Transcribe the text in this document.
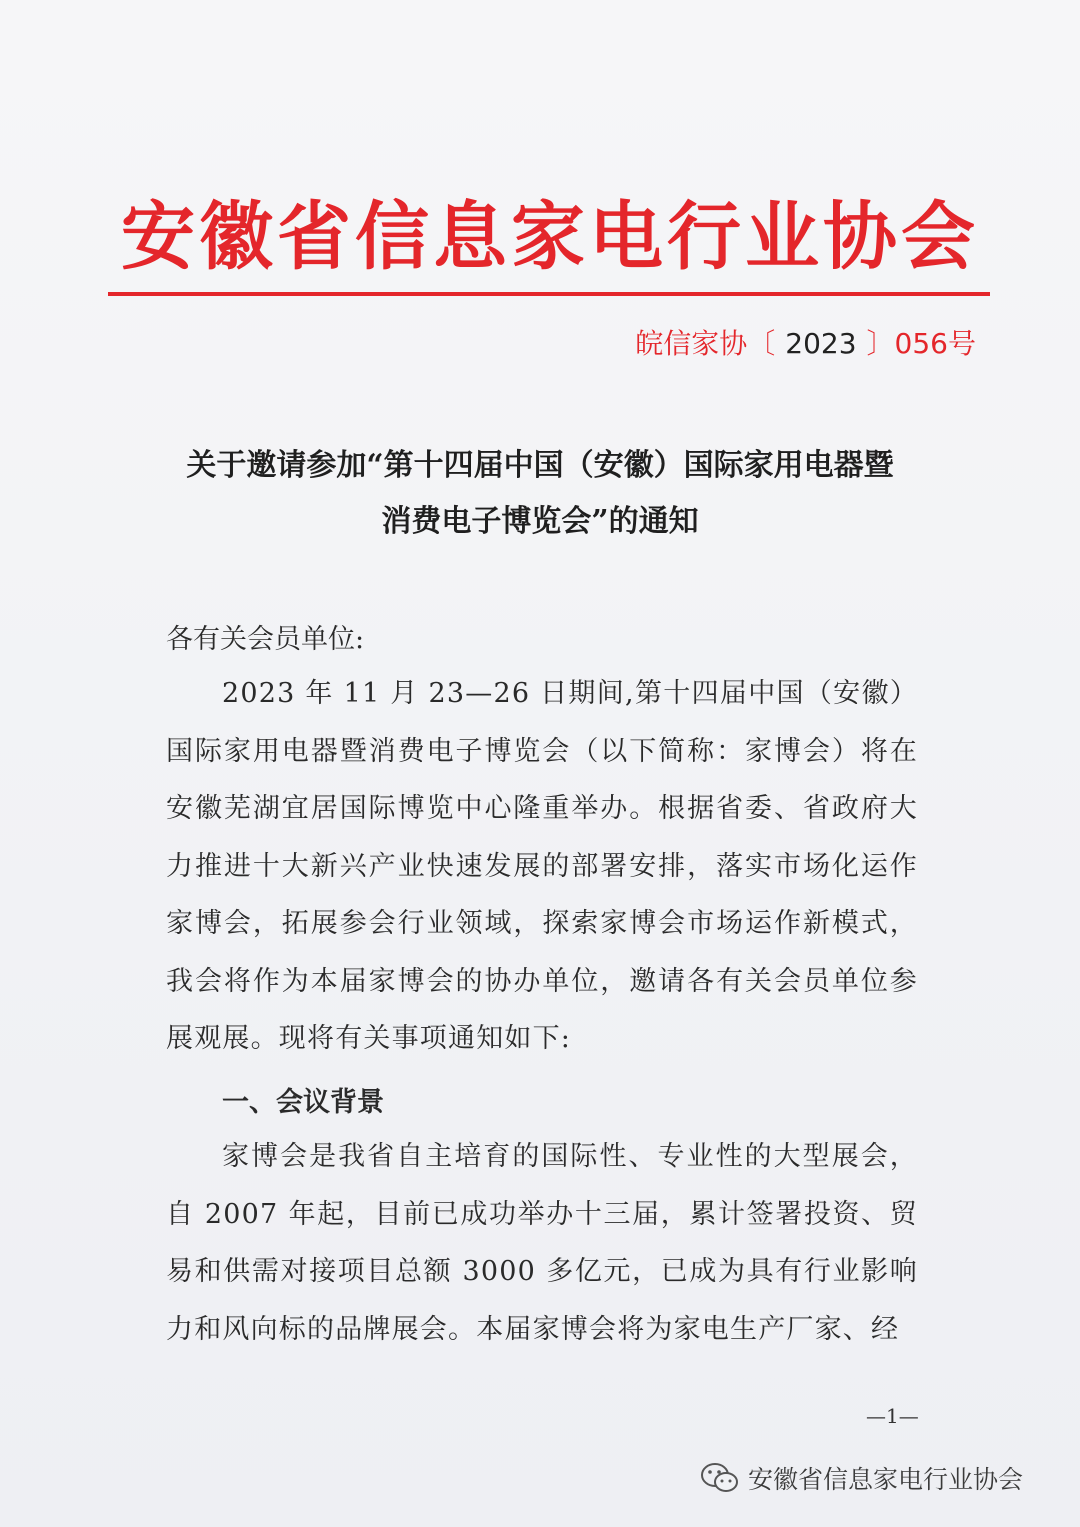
安徽省信息家电行业协会
皖信家协〔 2023 〕056号
关于邀请参加“第十四届中国（安徽）国际家用电器暨
消费电子博览会”的通知
各有关会员单位:
2023 年 11 月 23—26 日期间,第十四届中国（安徽）国际家用电器暨消费电子博览会（以下简称：家博会）将在安徽芜湖宜居国际博览中心隆重举办。根据省委、省政府大力推进十大新兴产业快速发展的部署安排，落实市场化运作家博会，拓展参会行业领域，探索家博会市场运作新模式，我会将作为本届家博会的协办单位，邀请各有关会员单位参展观展。现将有关事项通知如下:
一、会议背景
家博会是我省自主培育的国际性、专业性的大型展会，自 2007 年起，目前已成功举办十三届，累计签署投资、贸易和供需对接项目总额 3000 多亿元，已成为具有行业影响力和风向标的品牌展会。本届家博会将为家电生产厂家、经
—1—
安徽省信息家电行业协会
